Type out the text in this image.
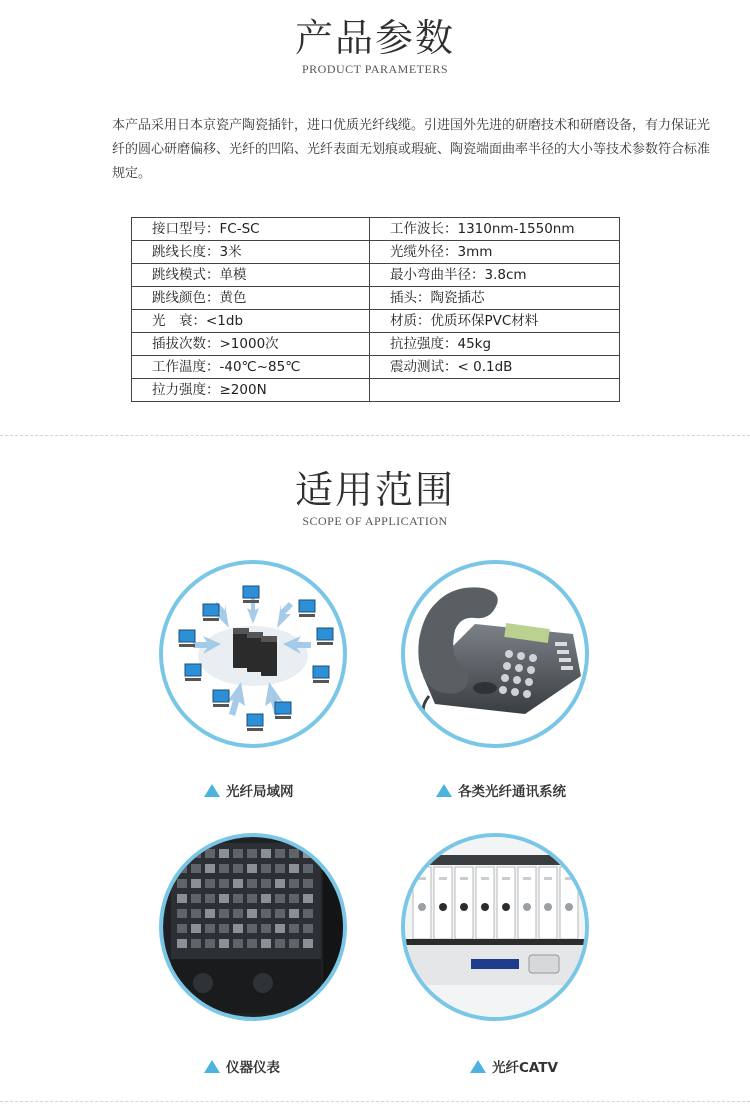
产品参数
PRODUCT PARAMETERS

本产品采用日本京瓷产陶瓷插针，进口优质光纤线缆。引进国外先进的研磨技术和研磨设备，有力保证光纤的圆心研磨偏移、光纤的凹陷、光纤表面无划痕或瑕疵、陶瓷端面曲率半径的大小等技术参数符合标准规定。

接口型号：FC-SC	工作波长：1310nm-1550nm
跳线长度：3米	光缆外径：3mm
跳线模式：单模	最小弯曲半径：3.8cm
跳线颜色：黄色	插头：陶瓷插芯
光　衰：<1db	材质：优质环保PVC材料
插拔次数：>1000次	抗拉强度：45kg
工作温度：-40℃~85℃	震动测试：< 0.1dB
拉力强度：≥200N	
适用范围
SCOPE OF APPLICATION
光纤局域网	各类光纤通讯系统
仪器仪表	光纤CATV
